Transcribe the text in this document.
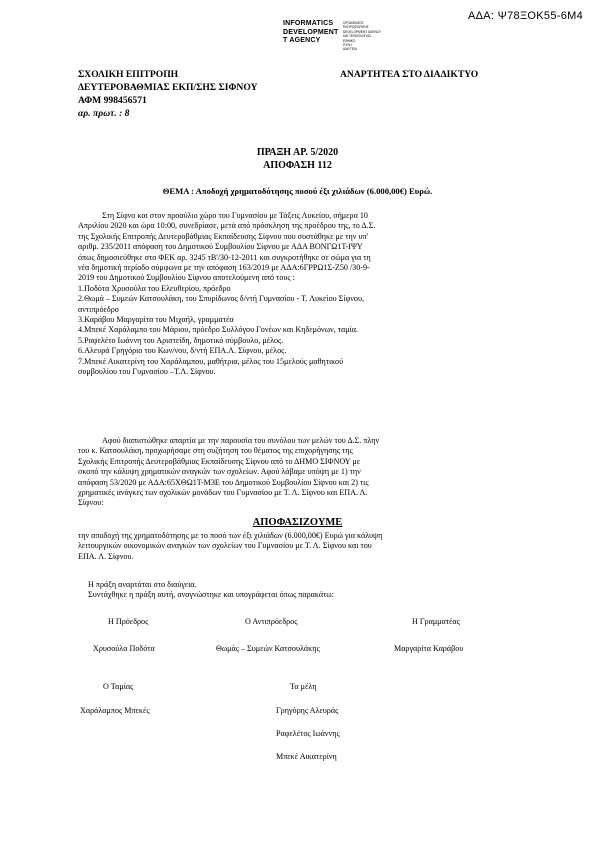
ΑΔΑ: Ψ78ΞΟΚ55-6Μ4
INFORMATICS
DEVELOPMENT
T AGENCY
ΟΡΓΑΝΙΣΜΟΣ
ΠΛΗΡΟΦΟΡΙΚΗΣ
DEVELOPMENT AGENCY
ΚΑΙ ΤΕΧΝΟΛΟΓΙΑΣ
ΕΘΝΙΚΟ
ΠΥΛΗ
ΔΙΑΥΓΕΙΑ
ΣΧΟΛΙΚΗ ΕΠΙΤΡΟΠΗ
ΔΕΥΤΕΡΟΒΑΘΜΙΑΣ ΕΚΠ/ΣΗΣ ΣΙΦΝΟΥ
ΑΦΜ 998456571
αρ. πρωτ. : 8
ΑΝΑΡΤΗΤΕΑ ΣΤΟ ΔΙΑΔΙΚΤΥΟ
ΠΡΑΞΗ ΑΡ. 5/2020
ΑΠΟΦΑΣΗ 112
ΘΕΜΑ : Αποδοχή χρηματοδότησης ποσού έξι χιλιάδων (6.000,00€) Ευρώ.
Στη Σίφνο και στον προαύλιο χώρο του Γυμνασίου με Τάξεις Λυκείου, σήμερα 10
Απριλίου 2020 και ώρα 10:00, συνεδρίασε, μετά από πρόσκληση της προέδρου της, το Δ.Σ.
της Σχολικής Επιτροπής Δευτεροβάθμιας Εκπαίδευσης Σίφνου που συστάθηκε με την υπ'
αριθμ. 235/2011 απόφαση του Δημοτικού Συμβουλίου Σίφνου με ΑΔΑ ΒΟΝΓΩ1Τ-ΙΨΥ
όπως δημοσιεύθηκε στο ΦΕΚ αρ. 3245 τΒ'/30-12-2011 και συγκροτήθηκε σε σώμα για τη
νέα δημοτική περίοδο σύμφωνα με την απόφαση 163/2019 με ΑΔΑ:6ΓΡΡΩ1Σ-Ζ50 /30-9-
2019 του Δημοτικού Συμβουλίου Σίφνου αποτελούμενη από τους :
1.Ποδότα Χρυσούλα του Ελευθερίου, πρόεδρο
2.Θωμά – Συμεών Κατσουλάκη, του Σπυρίδωνος δ/ντή Γυμνασίου - Τ. Λυκείου Σίφνου,
αντιπρόεδρο
3.Καράβου Μαργαρίτα του Μιχαήλ, γραμματέα
4.Μπεκέ Χαράλαμπο του Μάριου, πρόεδρο Συλλόγου Γονέων και Κηδεμόνων, ταμία.
5.Ραφελέτο Ιωάννη του Αριστείδη, δημοτικό σύμβουλο, μέλος.
6.Αλευρά Γρηγόριο του Κων/νου, δ/ντή ΕΠΑ.Λ. Σίφνου, μέλος.
7.Μπεκέ Αικατερίνη του Χαράλαμπου, μαθήτρια, μέλος του 15μελούς μαθητικού
συμβουλίου του Γυμνασίου –Τ.Λ. Σίφνου.
Αφού διαπιστώθηκε απαρτία με την παρουσία του συνόλου των μελών του Δ.Σ. πλην
του κ. Κατσουλάκη, προχωρήσαμε στη συζήτηση του θέματος της επιχορήγησης της
Σχολικής Επιτροπής Δευτεροβάθμιας Εκπαίδευσης Σίφνου από το ΔΗΜΟ ΣΙΦΝΟΥ με
σκοπό την κάλυψη χρηματικών αναγκών των σχολείων. Αφού λάβαμε υπόψη με 1) την
απόφαση 53/2020 με ΑΔΑ:65ΧΘΩ1Τ-Μ3Ε του Δημοτικού Συμβουλίου Σίφνου και 2) τις
χρηματικές ανάγκες των σχολικών μονάδων του Γυμνασίου με Τ. Λ. Σίφνου και ΕΠΑ. Λ.
Σίφνου:
ΑΠΟΦΑΣΙΖΟΥΜΕ
την αποδοχή της χρηματοδότησης με το ποσό των έξι χιλιάδων (6.000,00€) Ευρώ για κάλυψη
λειτουργικών οικονομικών αναγκών των σχολείων του Γυμνασίου με Τ. Λ. Σίφνου και του
ΕΠΑ. Λ. Σίφνου.
Η πράξη αναρτάται στο διαύγεια.
Συντάχθηκε η πράξη αυτή, αναγνώστηκε και υπογράφεται όπως παρακάτω:
Η Πρόεδρος	Ο Αντιπρόεδρος	Η Γραμματέας
Χρυσούλα Ποδότα	Θωμάς – Συμεών Κατσουλάκης	Μαργαρίτα Καράβου
Ο Ταμίας	Τα μέλη
Χαράλαμπος Μπεκές	Γρηγόρης Αλευράς
Ραφελέτος Ιωάννης
Μπεκέ Αικατερίνη
